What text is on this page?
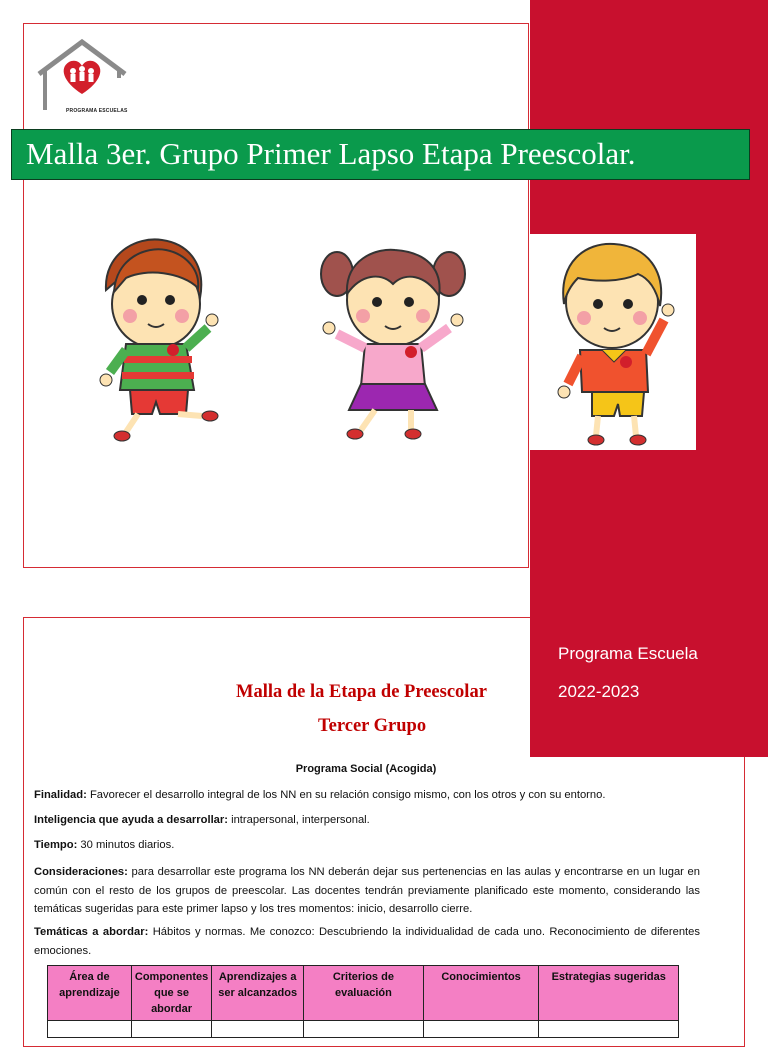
PROGRAMA ESCUELAS
Malla 3er. Grupo Primer Lapso Etapa Preescolar.
Programa Escuela
2022-2023
Malla de la Etapa de Preescolar
Tercer Grupo
Programa Social (Acogida)
Finalidad: Favorecer el desarrollo integral de los NN en su relación consigo mismo, con los otros y con su entorno.
Inteligencia que ayuda a desarrollar: intrapersonal, interpersonal.
Tiempo: 30 minutos diarios.
Consideraciones: para desarrollar este programa los NN deberán dejar sus pertenencias en las aulas y encontrarse en un lugar en común con el resto de los grupos de preescolar. Las docentes tendrán previamente planificado este momento, considerando las temáticas sugeridas para este primer lapso y los tres momentos: inicio, desarrollo cierre.
Temáticas a abordar: Hábitos y normas. Me conozco: Descubriendo la individualidad de cada uno. Reconocimiento de diferentes emociones.
Área de aprendizaje	Componentes que se abordar	Aprendizajes a ser alcanzados	Criterios de evaluación	Conocimientos	Estrategias sugeridas
